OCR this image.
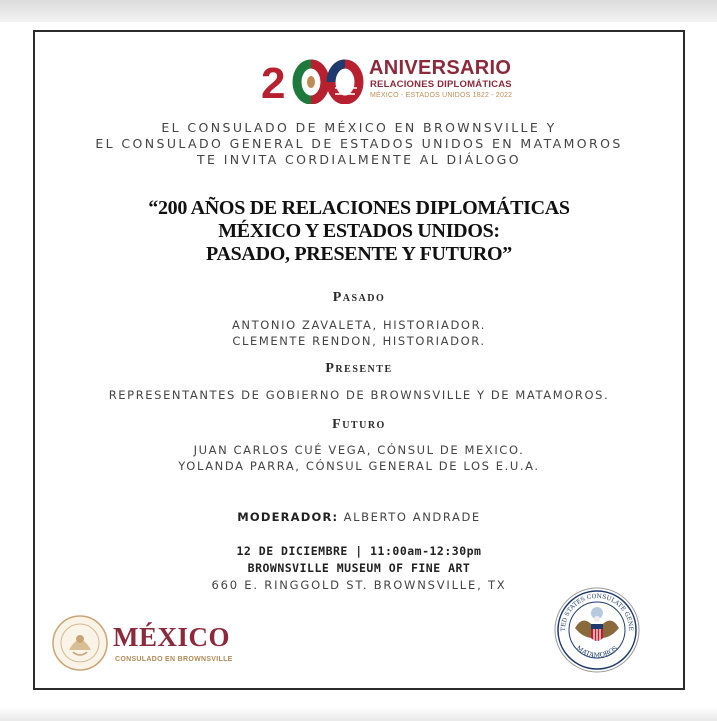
2	ANIVERSARIO
RELACIONES DIPLOMÁTICAS
MÉXICO - ESTADOS UNIDOS 1822 - 2022
EL CONSULADO DE MÉXICO EN BROWNSVILLE Y
EL CONSULADO GENERAL DE ESTADOS UNIDOS EN MATAMOROS
TE INVITA CORDIALMENTE AL DIÁLOGO
“200 AÑOS DE RELACIONES DIPLOMÁTICAS
MÉXICO Y ESTADOS UNIDOS:
PASADO, PRESENTE Y FUTURO”
Pasado
ANTONIO ZAVALETA, HISTORIADOR.
CLEMENTE RENDON, HISTORIADOR.
Presente
REPRESENTANTES DE GOBIERNO DE BROWNSVILLE Y DE MATAMOROS.
Futuro
JUAN CARLOS CUÉ VEGA, CÓNSUL DE MEXICO.
YOLANDA PARRA, CÓNSUL GENERAL DE LOS E.U.A.
MODERADOR: ALBERTO ANDRADE
12 DE DICIEMBRE | 11:00am-12:30pm
BROWNSVILLE MUSEUM OF FINE ART
660 E. RINGGOLD ST. BROWNSVILLE, TX
MÉXICO
CONSULADO EN BROWNSVILLE
TED STATES CONSULATE GENE
MATAMOROS
